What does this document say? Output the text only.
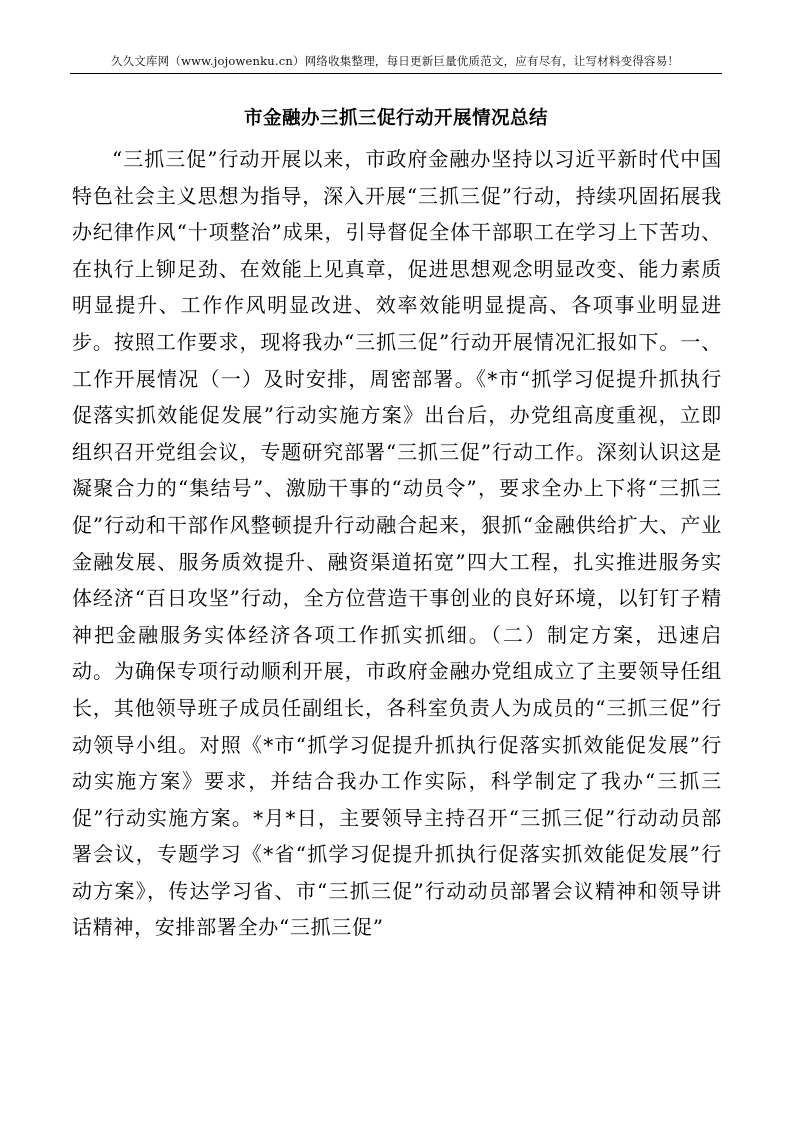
久久文库网（www.jojowenku.cn）网络收集整理，每日更新巨量优质范文，应有尽有，让写材料变得容易！
市金融办三抓三促行动开展情况总结

“三抓三促”行动开展以来，市政府金融办坚持以习近平新时代中国特色社会主义思想为指导，深入开展“三抓三促”行动，持续巩固拓展我办纪律作风“十项整治”成果，引导督促全体干部职工在学习上下苦功、在执行上铆足劲、在效能上见真章，促进思想观念明显改变、能力素质明显提升、工作作风明显改进、效率效能明显提高、各项事业明显进步。按照工作要求，现将我办“三抓三促”行动开展情况汇报如下。一、工作开展情况（一）及时安排，周密部署。《*市“抓学习促提升抓执行促落实抓效能促发展”行动实施方案》出台后，办党组高度重视，立即组织召开党组会议，专题研究部署“三抓三促”行动工作。深刻认识这是凝聚合力的“集结号”、激励干事的“动员令”，要求全办上下将“三抓三促”行动和干部作风整顿提升行动融合起来，狠抓“金融供给扩大、产业金融发展、服务质效提升、融资渠道拓宽”四大工程，扎实推进服务实体经济“百日攻坚”行动，全方位营造干事创业的良好环境，以钉钉子精神把金融服务实体经济各项工作抓实抓细。（二）制定方案，迅速启动。为确保专项行动顺利开展，市政府金融办党组成立了主要领导任组长，其他领导班子成员任副组长，各科室负责人为成员的“三抓三促”行动领导小组。对照《*市“抓学习促提升抓执行促落实抓效能促发展”行动实施方案》要求，并结合我办工作实际，科学制定了我办“三抓三促”行动实施方案。*月*日，主要领导主持召开“三抓三促”行动动员部署会议，专题学习《*省“抓学习促提升抓执行促落实抓效能促发展”行动方案》，传达学习省、市“三抓三促”行动动员部署会议精神和领导讲话精神，安排部署全办“三抓三促”
